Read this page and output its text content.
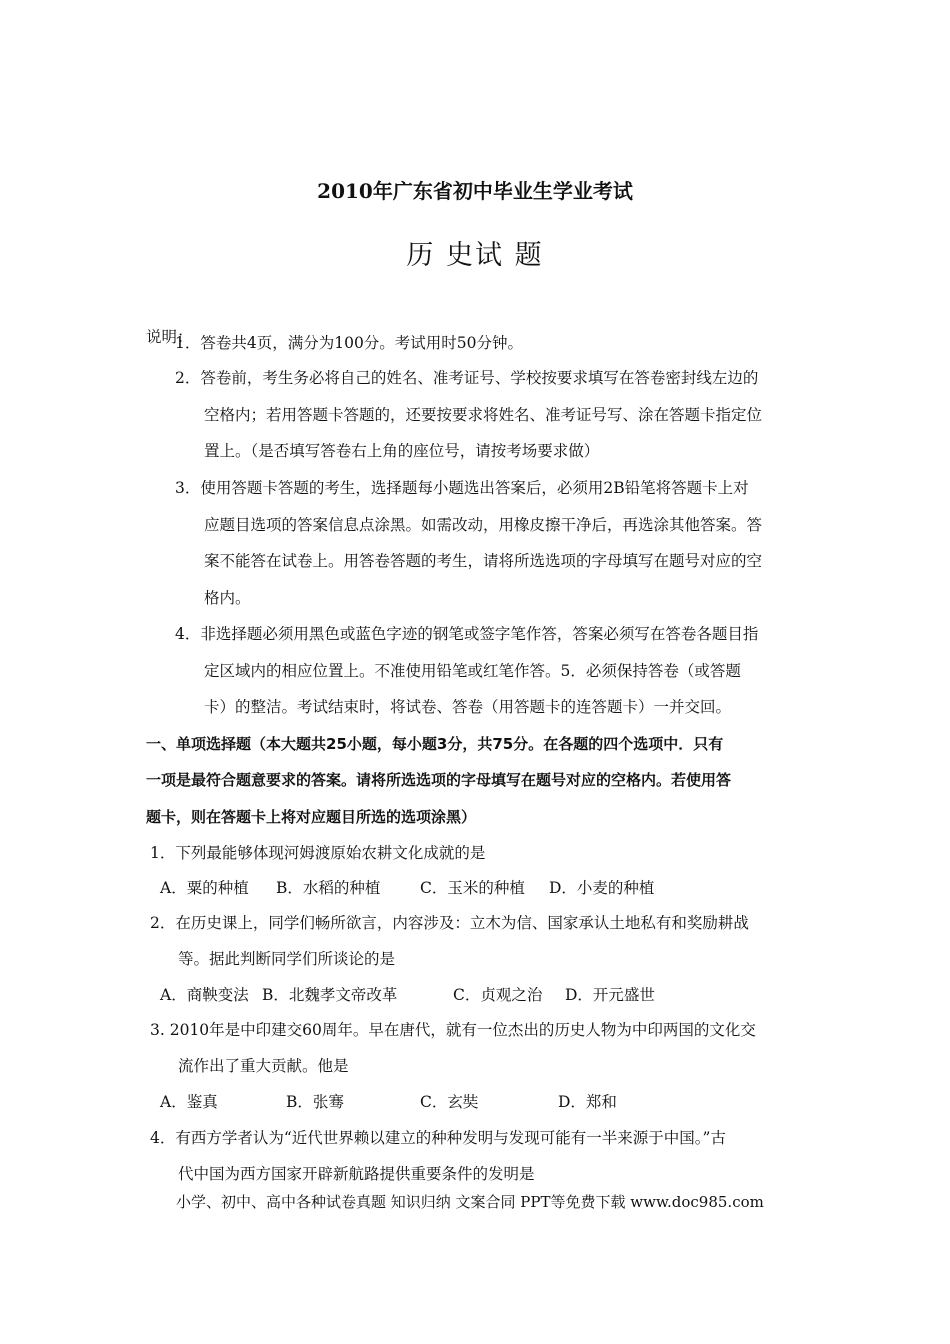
2010年广东省初中毕业生学业考试
历 史试 题
说明：
1．答卷共4页，满分为100分。考试用时50分钟。
2．答卷前，考生务必将自己的姓名、准考证号、学校按要求填写在答卷密封线左边的
空格内；若用答题卡答题的，还要按要求将姓名、准考证号写、涂在答题卡指定位
置上。（是否填写答卷右上角的座位号，请按考场要求做）
3．使用答题卡答题的考生，选择题每小题选出答案后，必须用2B铅笔将答题卡上对
应题目选项的答案信息点涂黑。如需改动，用橡皮擦干净后，再选涂其他答案。答
案不能答在试卷上。用答卷答题的考生，请将所选选项的字母填写在题号对应的空
格内。
4．非选择题必须用黑色或蓝色字迹的钢笔或签字笔作答，答案必须写在答卷各题目指
定区域内的相应位置上。不准使用铅笔或红笔作答。5．必须保持答卷（或答题
卡）的整洁。考试结束时，将试卷、答卷（用答题卡的连答题卡）一并交回。
一、单项选择题（本大题共25小题，每小题3分，共75分。在各题的四个选项中．只有
一项是最符合题意要求的答案。请将所选选项的字母填写在题号对应的空格内。若使用答
题卡，则在答题卡上将对应题目所选的选项涂黑）
1．下列最能够体现河姆渡原始农耕文化成就的是
A．粟的种植 B．水稻的种植	C．玉米的种植 D．小麦的种植
2．在历史课上，同学们畅所欲言，内容涉及：立木为信、国家承认土地私有和奖励耕战
等。据此判断同学们所谈论的是
A．商鞅变法 B．北魏孝文帝改革	C．贞观之治 D．开元盛世
3. 2010年是中印建交60周年。早在唐代，就有一位杰出的历史人物为中印两国的文化交
流作出了重大贡献。他是
A．鉴真	B．张骞	C．玄奘	D．郑和
4．有西方学者认为“近代世界赖以建立的种种发明与发现可能有一半来源于中国。”古
代中国为西方国家开辟新航路提供重要条件的发明是
小学、初中、高中各种试卷真题 知识归纳 文案合同 PPT等免费下载 www.doc985.com
